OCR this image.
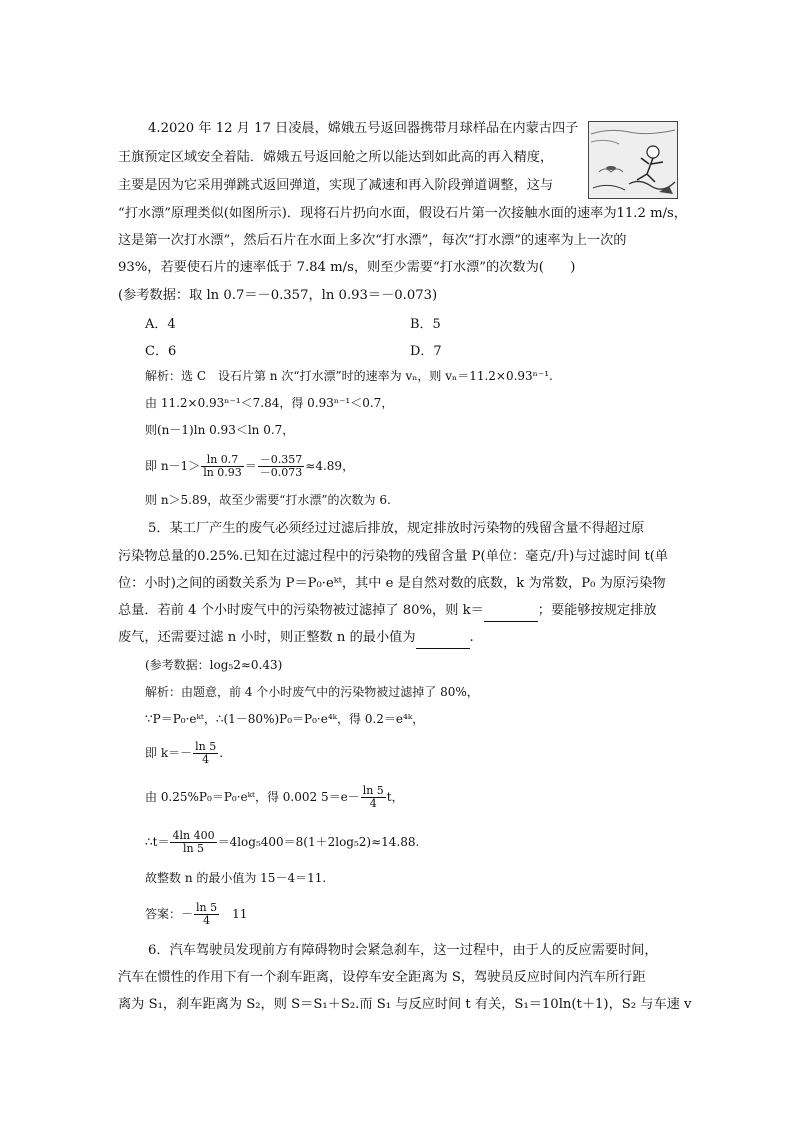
4.2020 年 12 月 17 日凌晨，嫦娥五号返回器携带月球样品在内蒙古四子
王旗预定区域安全着陆．嫦娥五号返回舱之所以能达到如此高的再入精度，
主要是因为它采用弹跳式返回弹道，实现了减速和再入阶段弹道调整，这与
“打水漂”原理类似(如图所示)．现将石片扔向水面，假设石片第一次接触水面的速率为11.2 m/s，
这是第一次打水漂”，然后石片在水面上多次“打水漂”，每次“打水漂”的速率为上一次的
93%，若要使石片的速率低于 7.84 m/s，则至少需要“打水漂”的次数为(　　)
(参考数据：取 ln 0.7＝－0.357，ln 0.93＝－0.073)
A．4	B．5
C．6	D．7
解析：选 C　设石片第 n 次“打水漂”时的速率为 vₙ，则 vₙ＝11.2×0.93ⁿ⁻¹.
由 11.2×0.93ⁿ⁻¹＜7.84，得 0.93ⁿ⁻¹＜0.7，
则(n－1)ln 0.93＜ln 0.7，
即 $n-1> \frac{\ln 0.7}{\ln 0.93} = \frac{-0.357}{-0.073} \approx 4.89$，
则 n＞5.89，故至少需要“打水漂”的次数为 6.
5．某工厂产生的废气必须经过过滤后排放，规定排放时污染物的残留含量不得超过原
污染物总量的0.25%.已知在过滤过程中的污染物的残留含量 P(单位：毫克/升)与过滤时间 t(单
位：小时)之间的函数关系为 P＝P₀·eᵏᵗ，其中 e 是自然对数的底数，k 为常数，P₀ 为原污染物
总量．若前 4 个小时废气中的污染物被过滤掉了 80%，则 k＝	；要能够按规定排放
废气，还需要过滤 n 小时，则正整数 n 的最小值为	.
(参考数据：log₅2≈0.43)
解析：由题意，前 4 个小时废气中的污染物被过滤掉了 80%，
∵P＝P₀·eᵏᵗ，∴(1－80%)P₀＝P₀·e⁴ᵏ，得 0.2＝e⁴ᵏ，
即 $k=- \frac{\ln 5}{4}$ .
由 0.25%P₀＝P₀·eᵏᵗ，得 0.002 $5=e- \frac{\ln 5}{4}$ t，
∴t＝ $\frac{4\ln 400}{\ln 5} =4\log_5400=8(1+2\log_52)\approx 14.88$.
故整数 n 的最小值为 15－4＝11.
答案：－ $\frac{\ln 5}{4}$ 　11
6．汽车驾驶员发现前方有障碍物时会紧急刹车，这一过程中，由于人的反应需要时间，
汽车在惯性的作用下有一个刹车距离，设停车安全距离为 S，驾驶员反应时间内汽车所行距
离为 S₁，刹车距离为 S₂，则 S＝S₁＋S₂.而 S₁ 与反应时间 t 有关，S₁＝10ln(t＋1)，S₂ 与车速 v
